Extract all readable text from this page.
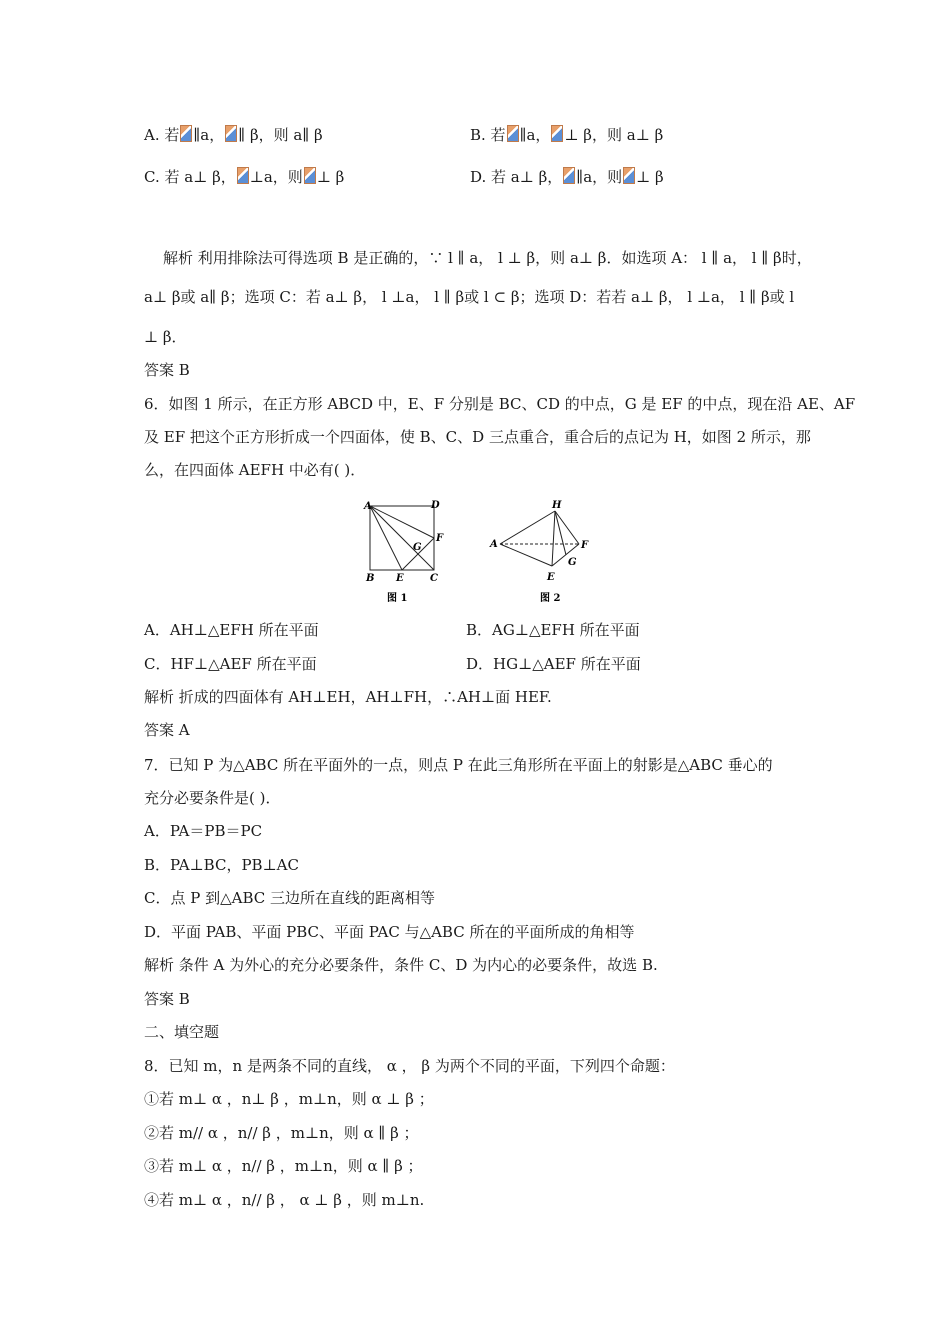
A. 若 ∥a， ∥ β，则 a∥ β	B. 若 ∥a， ⊥ β，则 a⊥ β
C. 若 a⊥ β， ⊥a，则 ⊥ β	D. 若 a⊥ β， ∥a，则 ⊥ β
解析 利用排除法可得选项 B 是正确的，∵ l ∥ a， l ⊥ β，则 a⊥ β．如选项 A： l ∥ a， l ∥ β时，
a⊥ β或 a∥ β；选项 C：若 a⊥ β， l ⊥a， l ∥ β或 l ⊂ β；选项 D：若若 a⊥ β， l ⊥a， l ∥ β或 l
⊥ β．
答案 B
6．如图 1 所示，在正方形 ABCD 中，E、F 分别是 BC、CD 的中点，G 是 EF 的中点，现在沿 AE、AF
及 EF 把这个正方形折成一个四面体，使 B、C、D 三点重合，重合后的点记为 H，如图 2 所示，那
么，在四面体 AEFH 中必有( )．
A	D
F
G
B E	C
图 1
H
A	F
G
E
图 2
A．AH⊥△EFH 所在平面	B．AG⊥△EFH 所在平面
C．HF⊥△AEF 所在平面	D．HG⊥△AEF 所在平面
解析 折成的四面体有 AH⊥EH，AH⊥FH，∴AH⊥面 HEF.
答案 A
7．已知 P 为△ABC 所在平面外的一点，则点 P 在此三角形所在平面上的射影是△ABC 垂心的
充分必要条件是( )．
A．PA＝PB＝PC
B．PA⊥BC，PB⊥AC
C．点 P 到△ABC 三边所在直线的距离相等
D．平面 PAB、平面 PBC、平面 PAC 与△ABC 所在的平面所成的角相等
解析 条件 A 为外心的充分必要条件，条件 C、D 为内心的必要条件，故选 B.
答案 B
二、填空题
8．已知 m，n 是两条不同的直线， α ， β 为两个不同的平面，下列四个命题：
①若 m⊥ α ，n⊥ β ，m⊥n，则 α ⊥ β ；
②若 m// α ，n// β ，m⊥n，则 α ∥ β ；
③若 m⊥ α ，n// β ，m⊥n，则 α ∥ β ；
④若 m⊥ α ，n// β ， α ⊥ β ，则 m⊥n.
